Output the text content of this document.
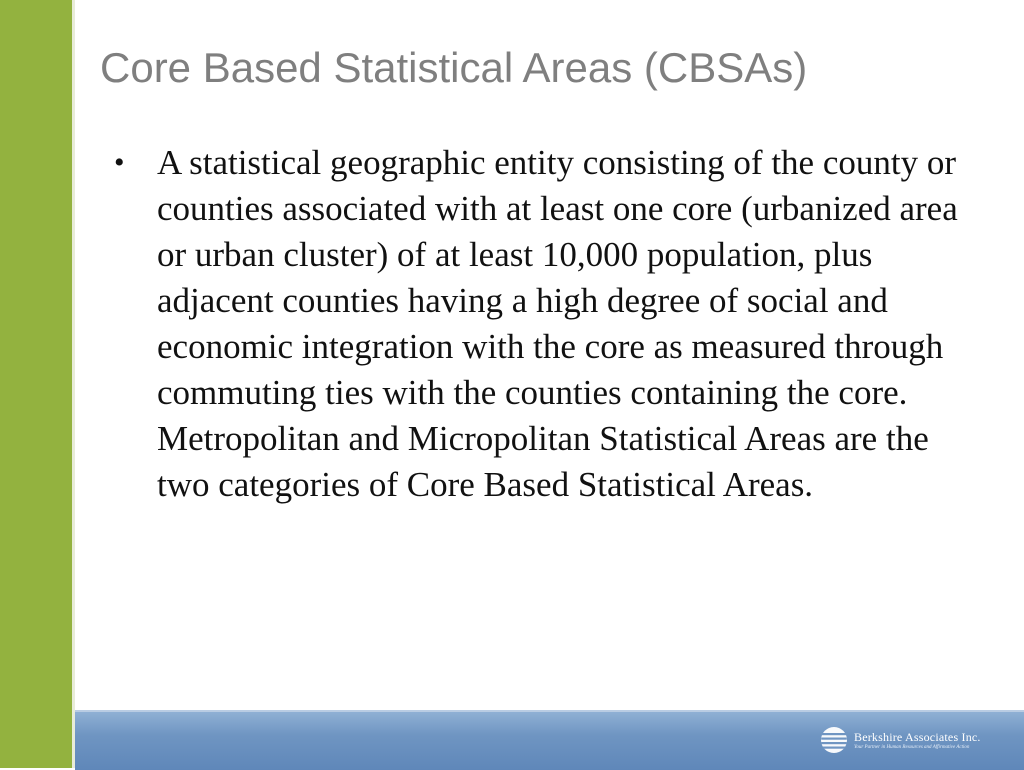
Core Based Statistical Areas (CBSAs)
• A statistical geographic entity consisting of the county or counties associated with at least one core (urbanized area or urban cluster) of at least 10,000 population, plus adjacent counties having a high degree of social and economic integration with the core as measured through commuting ties with the counties containing the core. Metropolitan and Micropolitan Statistical Areas are the two categories of Core Based Statistical Areas.
Berkshire Associates Inc.
Your Partner in Human Resources and Affirmative Action
